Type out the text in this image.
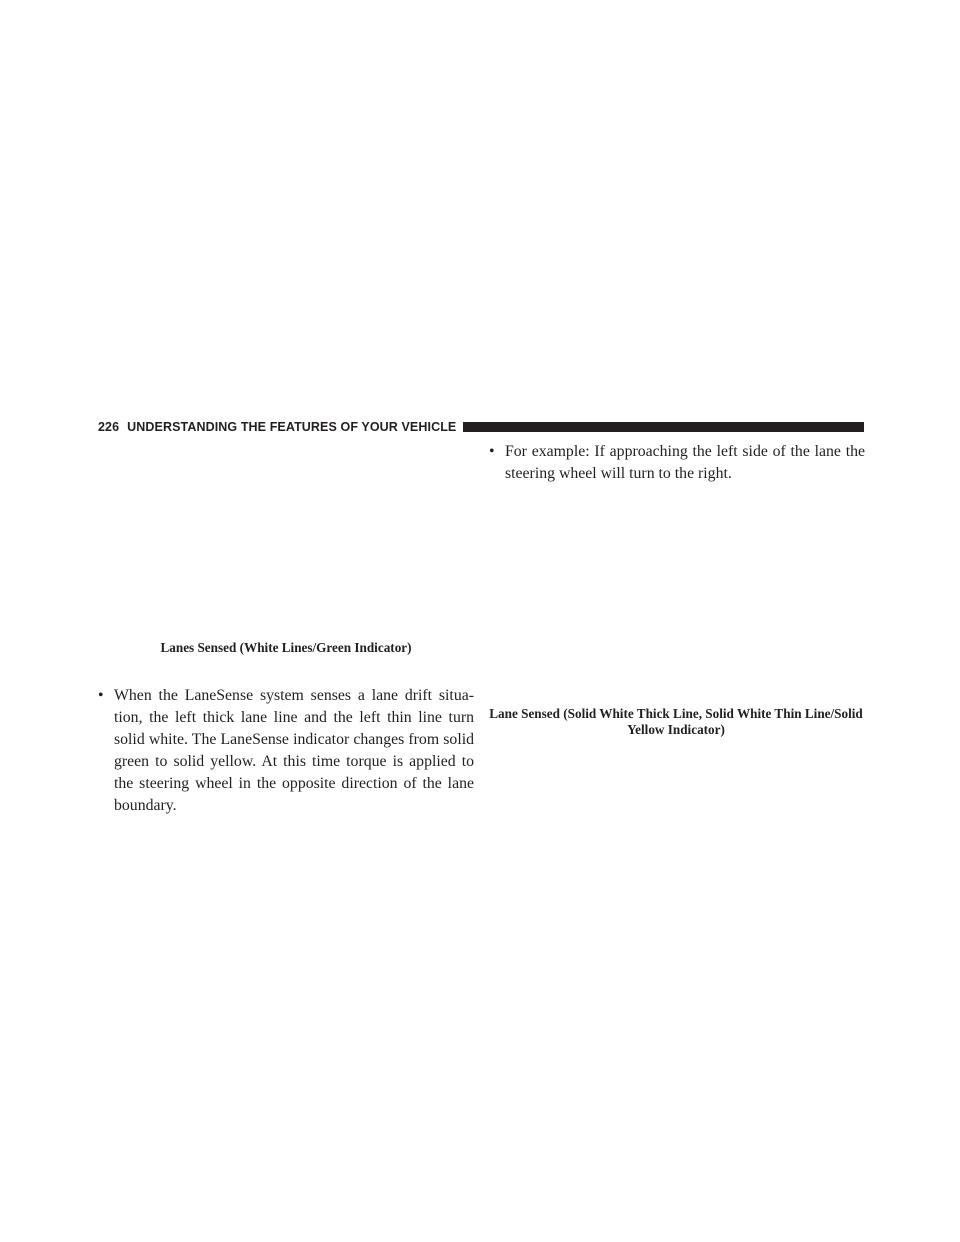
226 UNDERSTANDING THE FEATURES OF YOUR VEHICLE
Lanes Sensed (White Lines/Green Indicator)
• When the LaneSense system senses a lane drift situa-tion, the left thick lane line and the left thin line turn solid white. The LaneSense indicator changes from solid green to solid yellow. At this time torque is applied to the steering wheel in the opposite direction of the lane boundary.
• For example: If approaching the left side of the lane the steering wheel will turn to the right.
Lane Sensed (Solid White Thick Line, Solid White Thin Line/Solid Yellow Indicator)
